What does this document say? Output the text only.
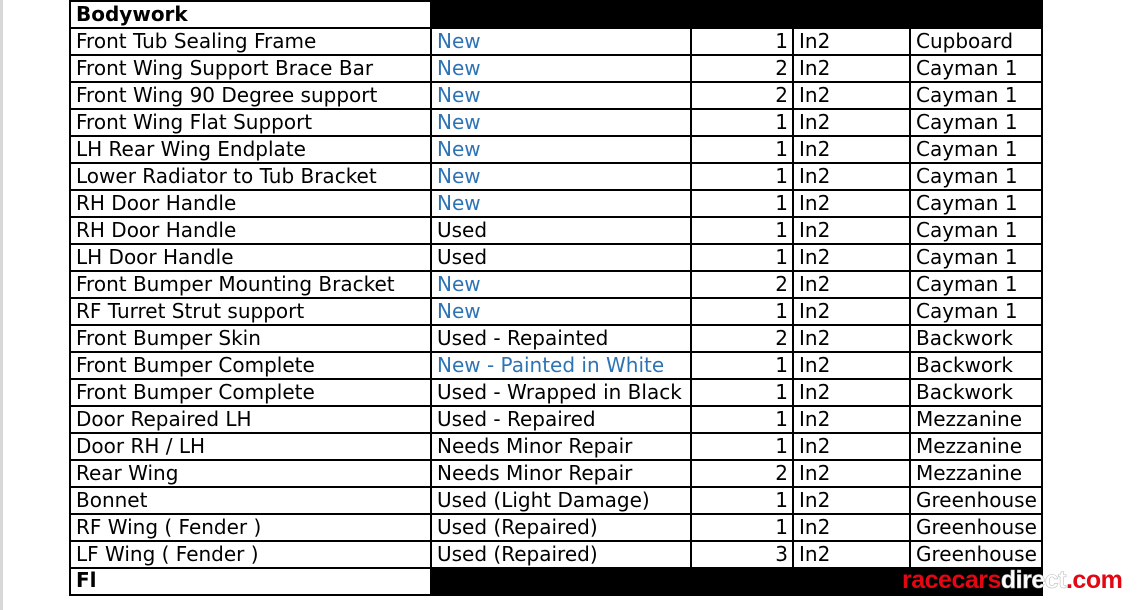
Bodywork				
Front Tub Sealing Frame	New	1	In2	Cupboard
Front Wing Support Brace Bar	New	2	In2	Cayman 1
Front Wing 90 Degree support	New	2	In2	Cayman 1
Front Wing Flat Support	New	1	In2	Cayman 1
LH Rear Wing Endplate	New	1	In2	Cayman 1
Lower Radiator to Tub Bracket	New	1	In2	Cayman 1
RH Door Handle	New	1	In2	Cayman 1
RH Door Handle	Used	1	In2	Cayman 1
LH Door Handle	Used	1	In2	Cayman 1
Front Bumper Mounting Bracket	New	2	In2	Cayman 1
RF Turret Strut support	New	1	In2	Cayman 1
Front Bumper Skin	Used - Repainted	2	In2	Backwork
Front Bumper Complete	New - Painted in White	1	In2	Backwork
Front Bumper Complete	Used - Wrapped in Black	1	In2	Backwork
Door Repaired LH	Used - Repaired	1	In2	Mezzanine
Door RH / LH	Needs Minor Repair	1	In2	Mezzanine
Rear Wing	Needs Minor Repair	2	In2	Mezzanine
Bonnet	Used (Light Damage)	1	In2	Greenhouse
RF Wing ( Fender )	Used (Repaired)	1	In2	Greenhouse
LF Wing ( Fender )	Used (Repaired)	3	In2	Greenhouse
Fl					racecarsdirect.com
